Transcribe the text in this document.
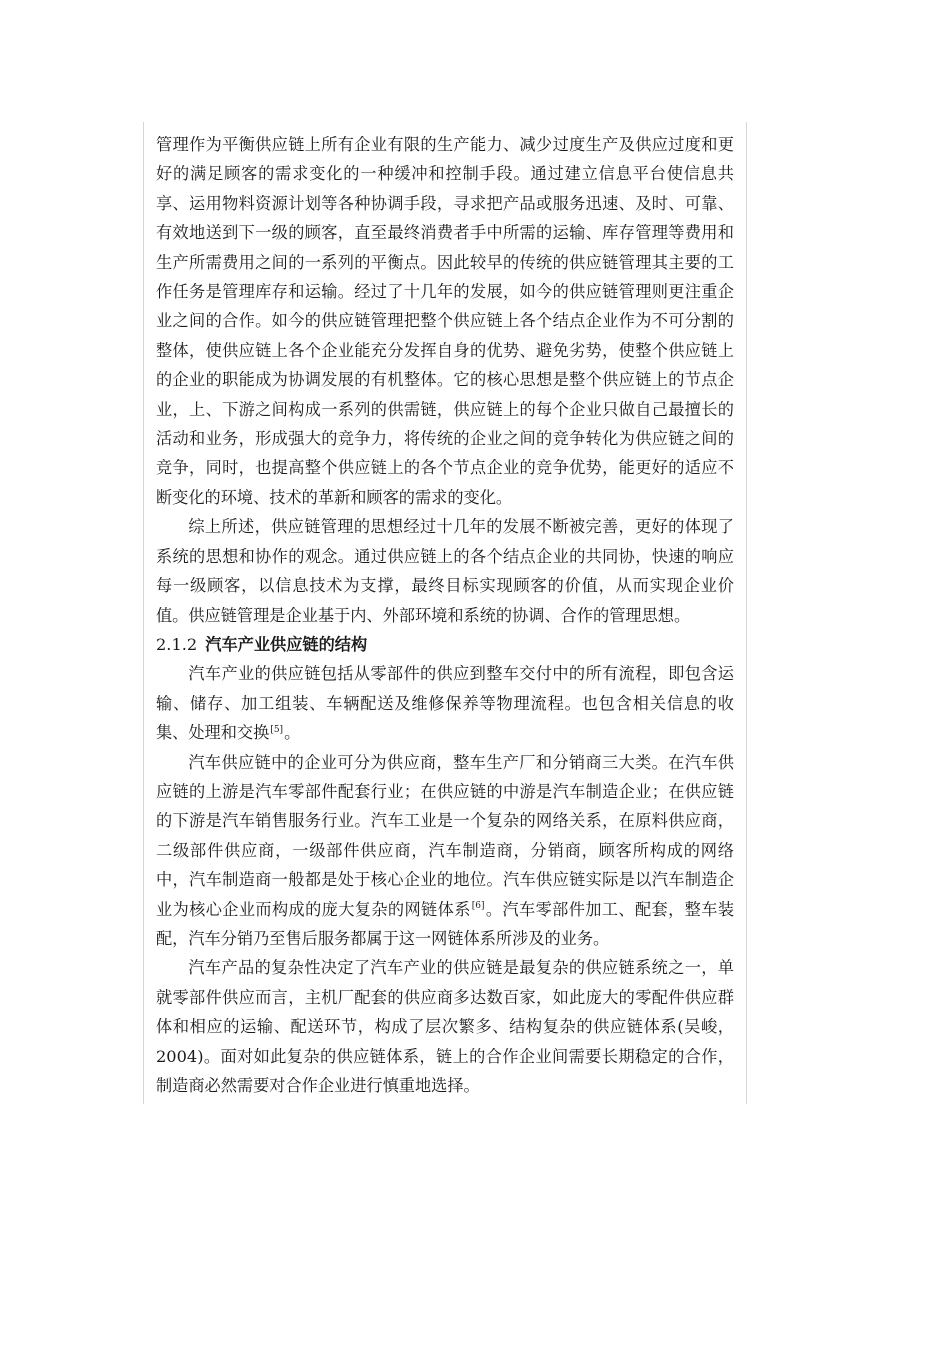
管理作为平衡供应链上所有企业有限的生产能力、减少过度生产及供应过度和更好的满足顾客的需求变化的一种缓冲和控制手段。通过建立信息平台使信息共享、运用物料资源计划等各种协调手段，寻求把产品或服务迅速、及时、可靠、有效地送到下一级的顾客，直至最终消费者手中所需的运输、库存管理等费用和生产所需费用之间的一系列的平衡点。因此较早的传统的供应链管理其主要的工作任务是管理库存和运输。经过了十几年的发展，如今的供应链管理则更注重企业之间的合作。如今的供应链管理把整个供应链上各个结点企业作为不可分割的整体，使供应链上各个企业能充分发挥自身的优势、避免劣势，使整个供应链上的企业的职能成为协调发展的有机整体。它的核心思想是整个供应链上的节点企业，上、下游之间构成一系列的供需链，供应链上的每个企业只做自己最擅长的活动和业务，形成强大的竞争力，将传统的企业之间的竞争转化为供应链之间的竞争，同时，也提高整个供应链上的各个节点企业的竞争优势，能更好的适应不断变化的环境、技术的革新和顾客的需求的变化。

综上所述，供应链管理的思想经过十几年的发展不断被完善，更好的体现了系统的思想和协作的观念。通过供应链上的各个结点企业的共同协，快速的响应每一级顾客，以信息技术为支撑，最终目标实现顾客的价值，从而实现企业价值。供应链管理是企业基于内、外部环境和系统的协调、合作的管理思想。

2.1.2 汽车产业供应链的结构

汽车产业的供应链包括从零部件的供应到整车交付中的所有流程，即包含运输、储存、加工组装、车辆配送及维修保养等物理流程。也包含相关信息的收集、处理和交换[5]。

汽车供应链中的企业可分为供应商，整车生产厂和分销商三大类。在汽车供应链的上游是汽车零部件配套行业；在供应链的中游是汽车制造企业；在供应链的下游是汽车销售服务行业。汽车工业是一个复杂的网络关系，在原料供应商，二级部件供应商，一级部件供应商，汽车制造商，分销商，顾客所构成的网络中，汽车制造商一般都是处于核心企业的地位。汽车供应链实际是以汽车制造企业为核心企业而构成的庞大复杂的网链体系[6]。汽车零部件加工、配套，整车装配，汽车分销乃至售后服务都属于这一网链体系所涉及的业务。

汽车产品的复杂性决定了汽车产业的供应链是最复杂的供应链系统之一，单就零部件供应而言，主机厂配套的供应商多达数百家，如此庞大的零配件供应群体和相应的运输、配送环节，构成了层次繁多、结构复杂的供应链体系(吴峻，2004)。面对如此复杂的供应链体系，链上的合作企业间需要长期稳定的合作，制造商必然需要对合作企业进行慎重地选择。
